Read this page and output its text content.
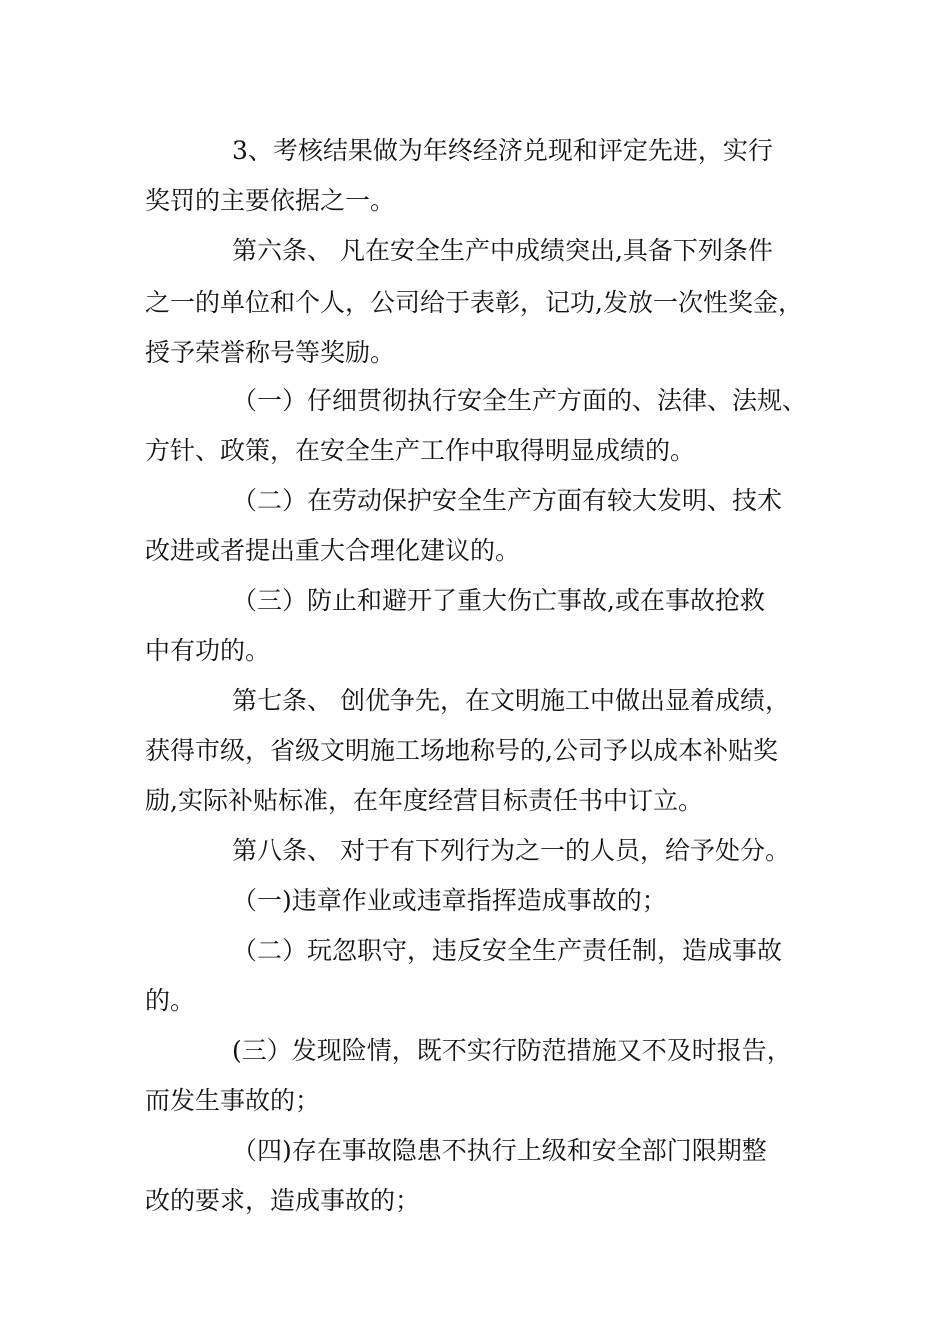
3、考核结果做为年终经济兑现和评定先进，实行
奖罚的主要依据之一。
第六条、 凡在安全生产中成绩突出,具备下列条件
之一的单位和个人，公司给于表彰，记功,发放一次性奖金，
授予荣誉称号等奖励。
（一）仔细贯彻执行安全生产方面的、法律、法规、
方针、政策，在安全生产工作中取得明显成绩的。
（二）在劳动保护安全生产方面有较大发明、技术
改进或者提出重大合理化建议的。
（三）防止和避开了重大伤亡事故,或在事故抢救
中有功的。
第七条、 创优争先，在文明施工中做出显着成绩，
获得市级，省级文明施工场地称号的,公司予以成本补贴奖
励,实际补贴标准，在年度经营目标责任书中订立。
第八条、 对于有下列行为之一的人员，给予处分。
（一)违章作业或违章指挥造成事故的；
（二）玩忽职守，违反安全生产责任制，造成事故
的。
(三）发现险情，既不实行防范措施又不及时报告，
而发生事故的；
（四)存在事故隐患不执行上级和安全部门限期整
改的要求，造成事故的；
